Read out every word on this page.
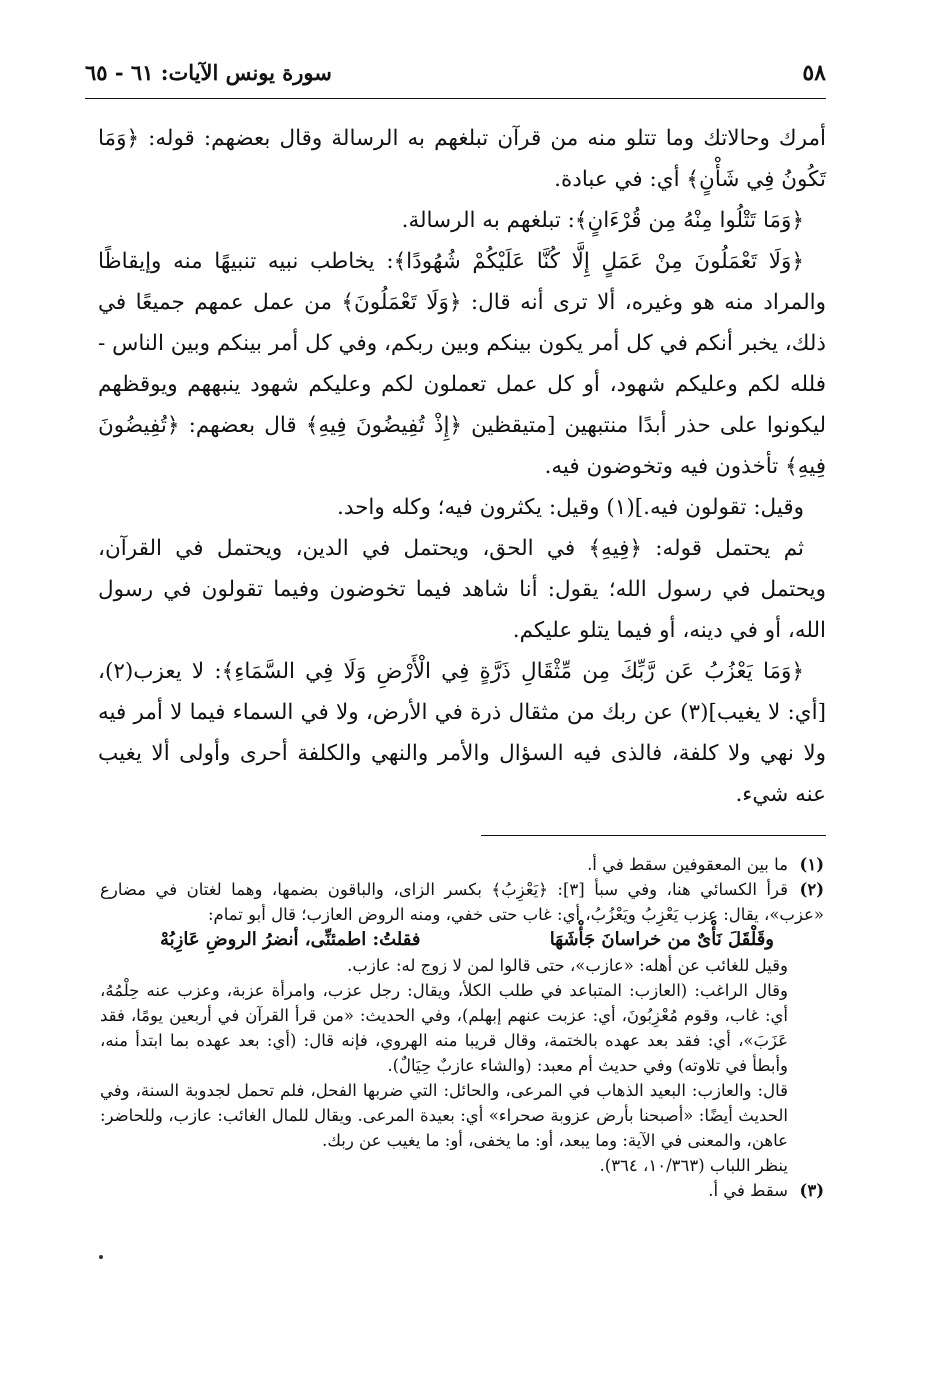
٥٨
سورة يونس الآيات: ٦١ - ٦٥

أمرك وحالاتك وما تتلو منه من قرآن تبلغهم به الرسالة وقال بعضهم: قوله: ﴿وَمَا تَكُونُ فِي شَأْنٍ﴾ أي: في عبادة.

﴿وَمَا تَتْلُوا مِنْهُ مِن قُرْءَانٍ﴾: تبلغهم به الرسالة.

﴿وَلَا تَعْمَلُونَ مِنْ عَمَلٍ إِلَّا كُنَّا عَلَيْكُمْ شُهُودًا﴾: يخاطب نبيه تنبيهًا منه وإيقاظًا والمراد منه هو وغيره، ألا ترى أنه قال: ﴿وَلَا تَعْمَلُونَ﴾ من عمل عمهم جميعًا في ذلك، يخبر أنكم في كل أمر يكون بينكم وبين ربكم، وفي كل أمر بينكم وبين الناس - فلله لكم وعليكم شهود، أو كل عمل تعملون لكم وعليكم شهود ينبههم ويوقظهم ليكونوا على حذر أبدًا منتبهين [متيقظين ﴿إِذْ تُفِيضُونَ فِيهِ﴾ قال بعضهم: ﴿تُفِيضُونَ فِيهِ﴾ تأخذون فيه وتخوضون فيه.

وقيل: تقولون فيه.](١) وقيل: يكثرون فيه؛ وكله واحد.

ثم يحتمل قوله: ﴿فِيهِ﴾ في الحق، ويحتمل في الدين، ويحتمل في القرآن، ويحتمل في رسول الله؛ يقول: أنا شاهد فيما تخوضون وفيما تقولون في رسول الله، أو في دينه، أو فيما يتلو عليكم.

﴿وَمَا يَعْزُبُ عَن رَّبِّكَ مِن مِّثْقَالِ ذَرَّةٍ فِي الْأَرْضِ وَلَا فِي السَّمَاءِ﴾: لا يعزب(٢)، [أي: لا يغيب](٣) عن ربك من مثقال ذرة في الأرض، ولا في السماء فيما لا أمر فيه ولا نهي ولا كلفة، فالذى فيه السؤال والأمر والنهي والكلفة أحرى وأولى ألا يغيب عنه شيء.

(١)ما بين المعقوفين سقط في أ.

(٢)قرأ الكسائي هنا، وفي سبأ [٣]: ﴿يَعْزِبُ﴾ بكسر الزاى، والباقون بضمها، وهما لغتان في مضارع «عزب»، يقال: عزب يَعْزِبُ ويَعْزُبُ، أي: غاب حتى خفي، ومنه الروض العازب؛ قال أبو تمام:

وقَلْقَلَ نَأْىٌ من خراسانَ جَأْشَهَا
فقلتُ: اطمئنِّى، أنضرُ الروضِ عَازِبُهْ

وقيل للغائب عن أهله: «عازب»، حتى قالوا لمن لا زوج له: عازب.

وقال الراغب: (العازب: المتباعد في طلب الكلأ، ويقال: رجل عزب، وامرأة عزبة، وعزب عنه حِلْمُهُ، أي: غاب، وقوم مُعْزِبُونَ، أي: عزبت عنهم إبهلم)، وفي الحديث: «من قرأ القرآن في أربعين يومًا، فقد عَزَبَ»، أي: فقد بعد عهده بالختمة، وقال قريبا منه الهروي، فإنه قال: (أي: بعد عهده بما ابتدأ منه، وأبطأ في تلاوته) وفي حديث أم معبد: (والشاء عازبٌ حِيَالٌ).

قال: والعازب: البعيد الذهاب في المرعى، والحائل: التي ضربها الفحل، فلم تحمل لجدوبة السنة، وفي الحديث أيضًا: «أصبحنا بأرض عزوبة صحراء» أي: بعيدة المرعى. ويقال للمال الغائب: عازب، وللحاضر: عاهن، والمعنى في الآية: وما يبعد، أو: ما يخفى، أو: ما يغيب عن ربك.

ينظر اللباب (١٠/٣٦٣، ٣٦٤).

(٣)سقط في أ.
